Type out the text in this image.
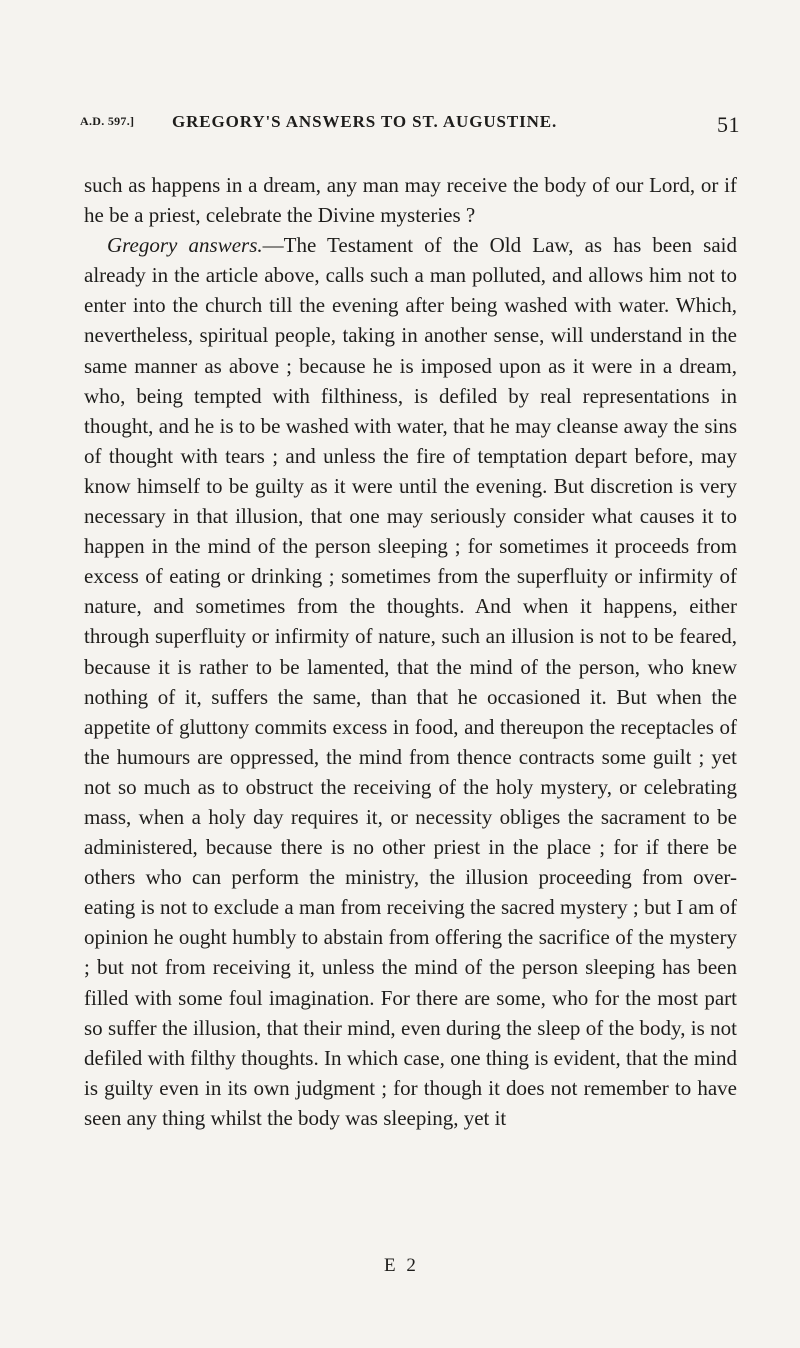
A.D. 597.] GREGORY'S ANSWERS TO ST. AUGUSTINE.	51

such as happens in a dream, any man may receive the body of our Lord, or if he be a priest, celebrate the Divine mysteries ?

Gregory answers.—The Testament of the Old Law, as has been said already in the article above, calls such a man polluted, and allows him not to enter into the church till the evening after being washed with water. Which, nevertheless, spiritual people, taking in another sense, will understand in the same manner as above ; because he is imposed upon as it were in a dream, who, being tempted with filthiness, is defiled by real representations in thought, and he is to be washed with water, that he may cleanse away the sins of thought with tears ; and unless the fire of temptation depart before, may know himself to be guilty as it were until the evening. But discretion is very necessary in that illusion, that one may seriously consider what causes it to happen in the mind of the person sleeping ; for sometimes it proceeds from excess of eating or drinking ; sometimes from the superfluity or infirmity of nature, and sometimes from the thoughts. And when it happens, either through superfluity or infirmity of nature, such an illusion is not to be feared, because it is rather to be lamented, that the mind of the person, who knew nothing of it, suffers the same, than that he occasioned it. But when the appetite of gluttony commits excess in food, and thereupon the receptacles of the humours are oppressed, the mind from thence contracts some guilt ; yet not so much as to obstruct the receiving of the holy mystery, or celebrating mass, when a holy day requires it, or necessity obliges the sacrament to be administered, because there is no other priest in the place ; for if there be others who can perform the ministry, the illusion proceeding from over-eating is not to exclude a man from receiving the sacred mystery ; but I am of opinion he ought humbly to abstain from offering the sacrifice of the mystery ; but not from receiving it, unless the mind of the person sleeping has been filled with some foul imagination. For there are some, who for the most part so suffer the illusion, that their mind, even during the sleep of the body, is not defiled with filthy thoughts. In which case, one thing is evident, that the mind is guilty even in its own judgment ; for though it does not remember to have seen any thing whilst the body was sleeping, yet it

E 2
